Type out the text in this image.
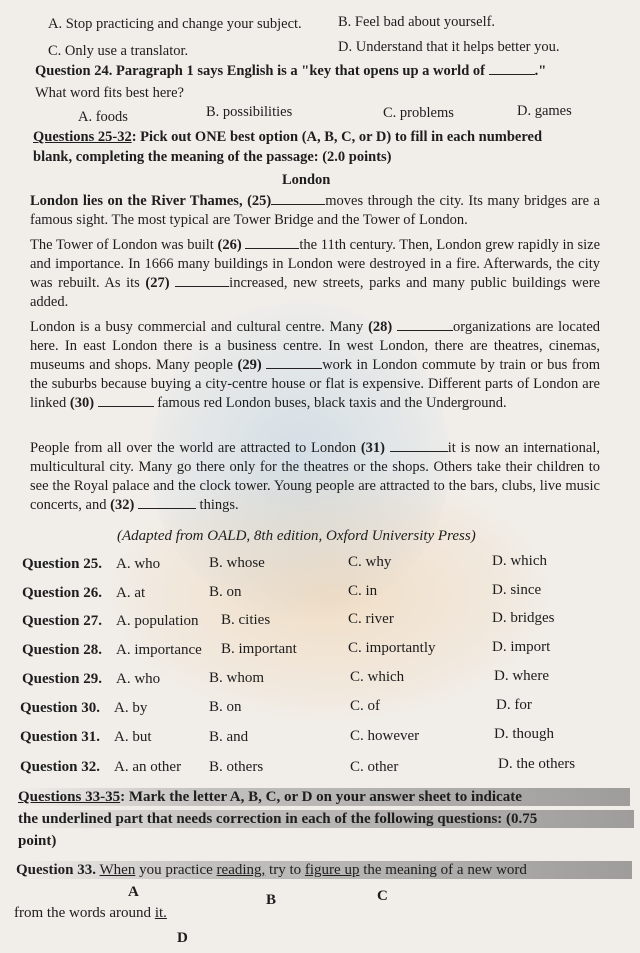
A. Stop practicing and change your subject.	B. Feel bad about yourself.
C. Only use a translator.	D. Understand that it helps better you.
Question 24. Paragraph 1 says English is a "key that opens up a world of	."
What word fits best here?
A. foods	B. possibilities	C. problems	D. games
Questions 25-32: Pick out ONE best option (A, B, C, or D) to fill in each numbered
blank, completing the meaning of the passage: (2.0 points)
London
London lies on the River Thames, (25)	moves through the city. Its many bridges are a famous sight. The most typical are Tower Bridge and the Tower of London.
The Tower of London was built (26)	the 11th century. Then, London grew rapidly in size and importance. In 1666 many buildings in London were destroyed in a fire. Afterwards, the city was rebuilt. As its (27)	increased, new streets, parks and many public buildings were added.
London is a busy commercial and cultural centre. Many (28)	organizations are located here. In east London there is a business centre. In west London, there are theatres, cinemas, museums and shops. Many people (29)	work in London commute by train or bus from the suburbs because buying a city-centre house or flat is expensive. Different parts of London are linked (30)	famous red London buses, black taxis and the Underground.
People from all over the world are attracted to London (31)	it is now an international, multicultural city. Many go there only for the theatres or the shops. Others take their children to see the Royal palace and the clock tower. Young people are attracted to the bars, clubs, live music concerts, and (32)	things.
(Adapted from OALD, 8th edition, Oxford University Press)
Question 25. A. who	B. whose	C. why	D. which
Question 26. A. at	B. on	C. in	D. since
Question 27. A. population B. cities	C. river	D. bridges
Question 28. A. importance B. important	C. importantly	D. import
Question 29. A. who	B. whom	C. which	D. where
Question 30. A. by	B. on	C. of	D. for
Question 31. A. but	B. and	C. however	D. though
Question 32. A. an other B. others	C. other	D. the others
Questions 33-35: Mark the letter A, B, C, or D on your answer sheet to indicate
the underlined part that needs correction in each of the following questions: (0.75
point)
Question 33. When you practice reading, try to figure up the meaning of a new word
A	B	C
from the words around it.
D
